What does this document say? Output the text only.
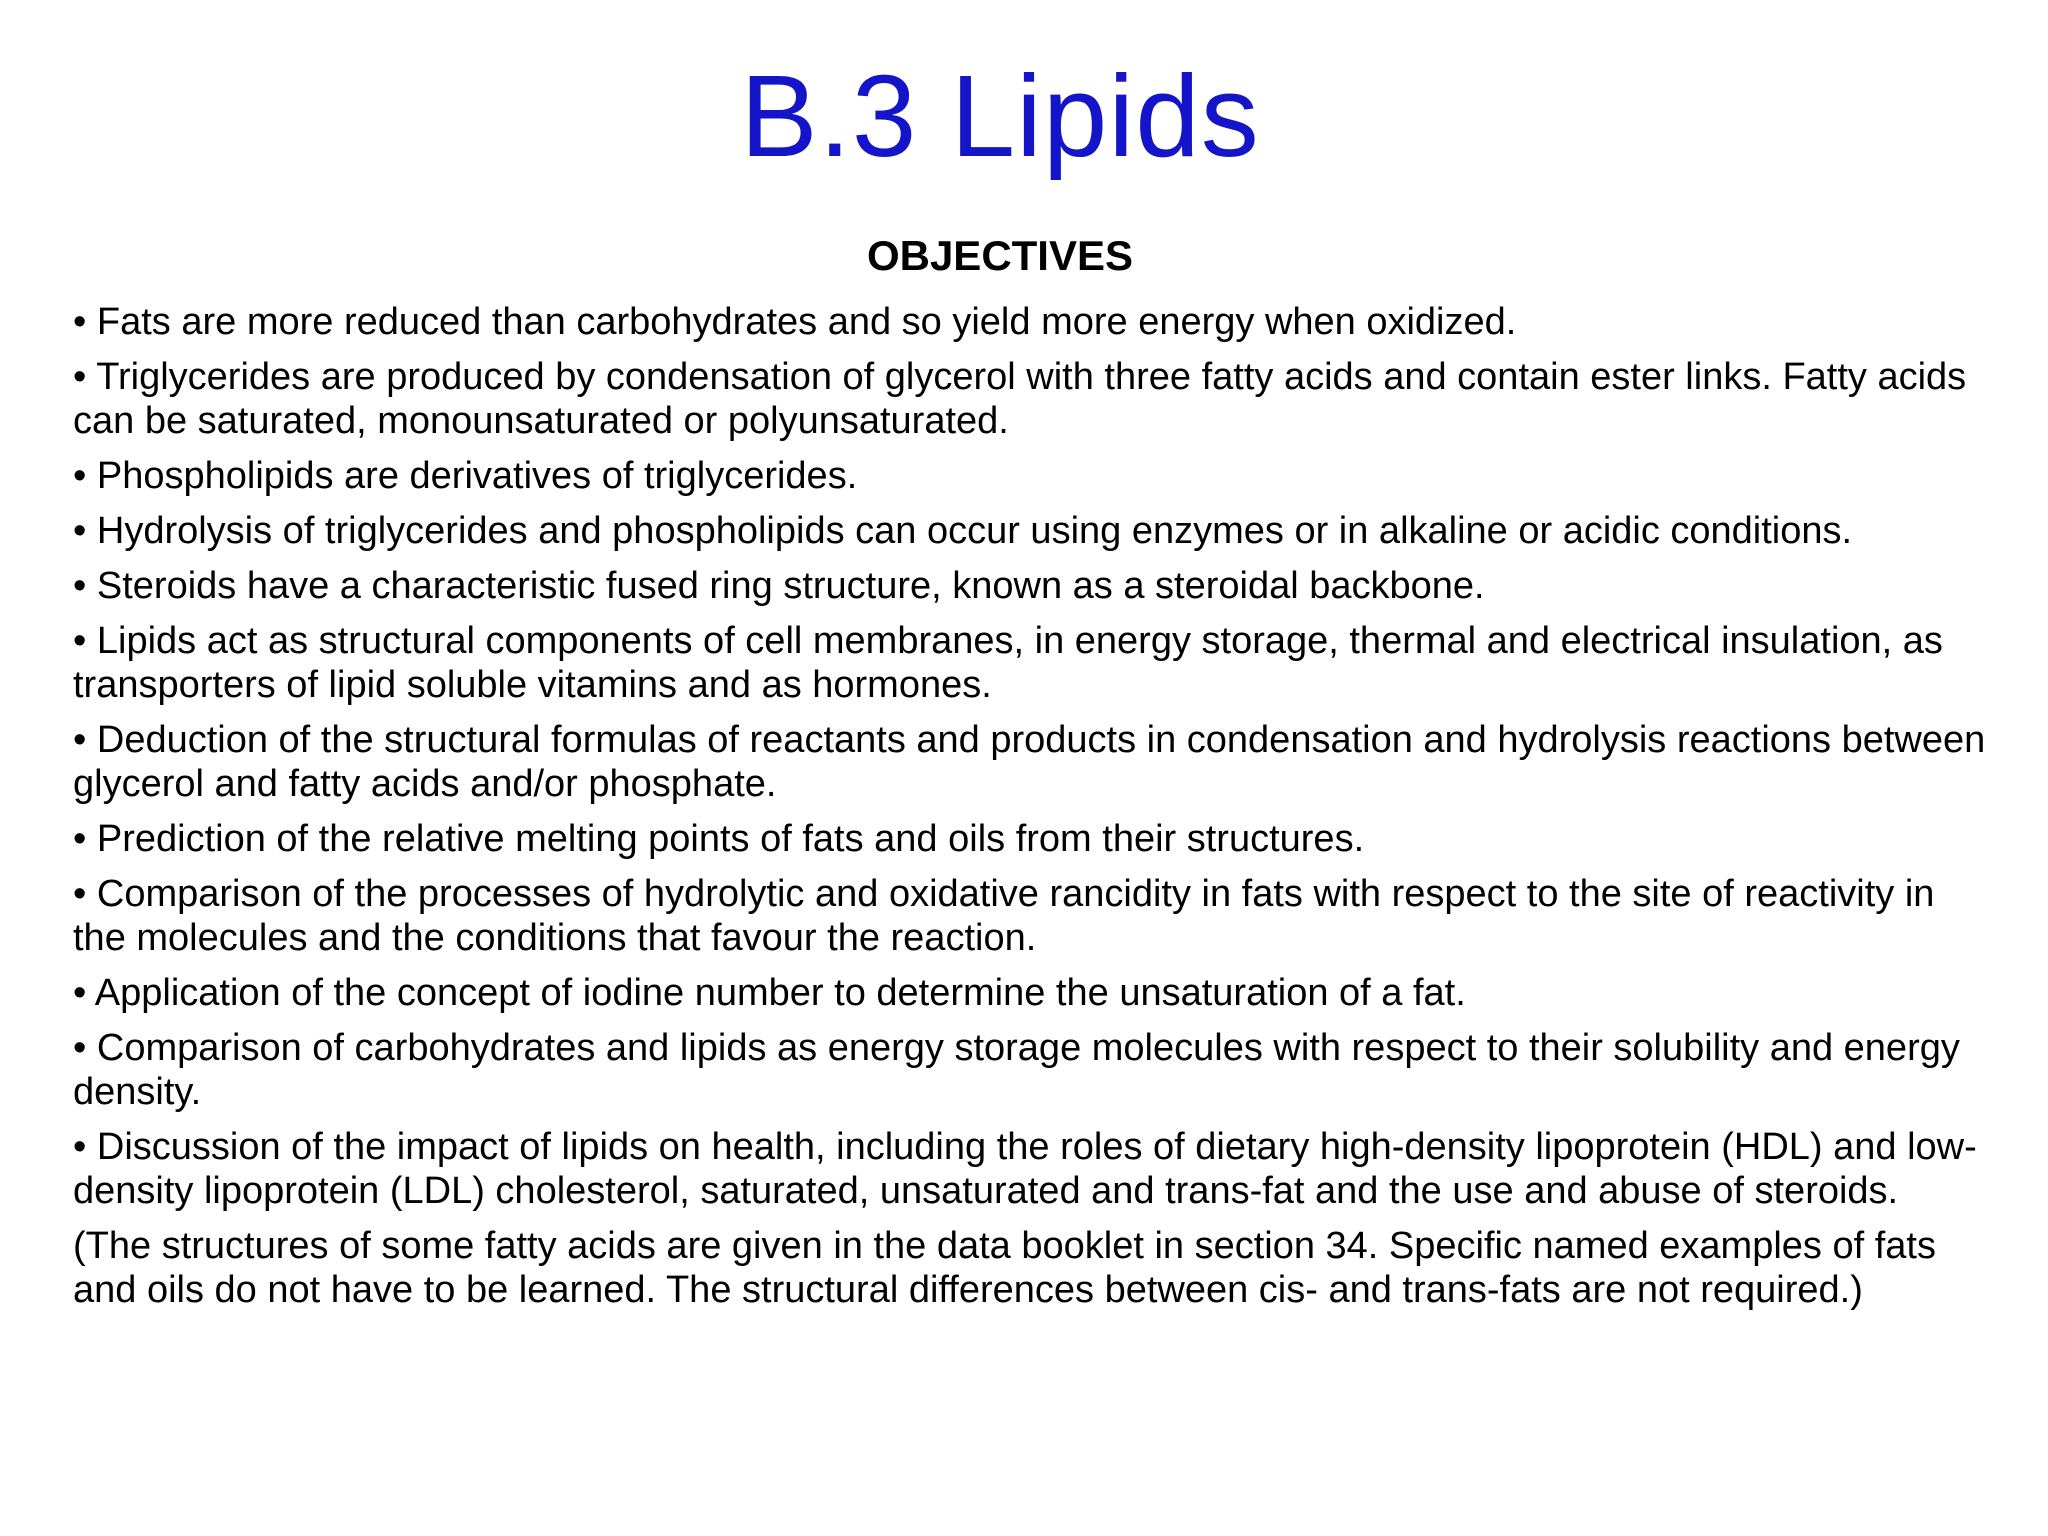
B.3 Lipids
OBJECTIVES
• Fats are more reduced than carbohydrates and so yield more energy when oxidized.
• Triglycerides are produced by condensation of glycerol with three fatty acids and contain ester links. Fatty acids can be saturated, monounsaturated or polyunsaturated.
• Phospholipids are derivatives of triglycerides.
• Hydrolysis of triglycerides and phospholipids can occur using enzymes or in alkaline or acidic conditions.
• Steroids have a characteristic fused ring structure, known as a steroidal backbone.
• Lipids act as structural components of cell membranes, in energy storage, thermal and electrical insulation, as transporters of lipid soluble vitamins and as hormones.
• Deduction of the structural formulas of reactants and products in condensation and hydrolysis reactions between glycerol and fatty acids and/or phosphate.
• Prediction of the relative melting points of fats and oils from their structures.
• Comparison of the processes of hydrolytic and oxidative rancidity in fats with respect to the site of reactivity in the molecules and the conditions that favour the reaction.
• Application of the concept of iodine number to determine the unsaturation of a fat.
• Comparison of carbohydrates and lipids as energy storage molecules with respect to their solubility and energy density.
• Discussion of the impact of lipids on health, including the roles of dietary high-density lipoprotein (HDL) and low-density lipoprotein (LDL) cholesterol, saturated, unsaturated and trans-fat and the use and abuse of steroids.

(The structures of some fatty acids are given in the data booklet in section 34. Specific named examples of fats and oils do not have to be learned. The structural differences between cis- and trans-fats are not required.)
